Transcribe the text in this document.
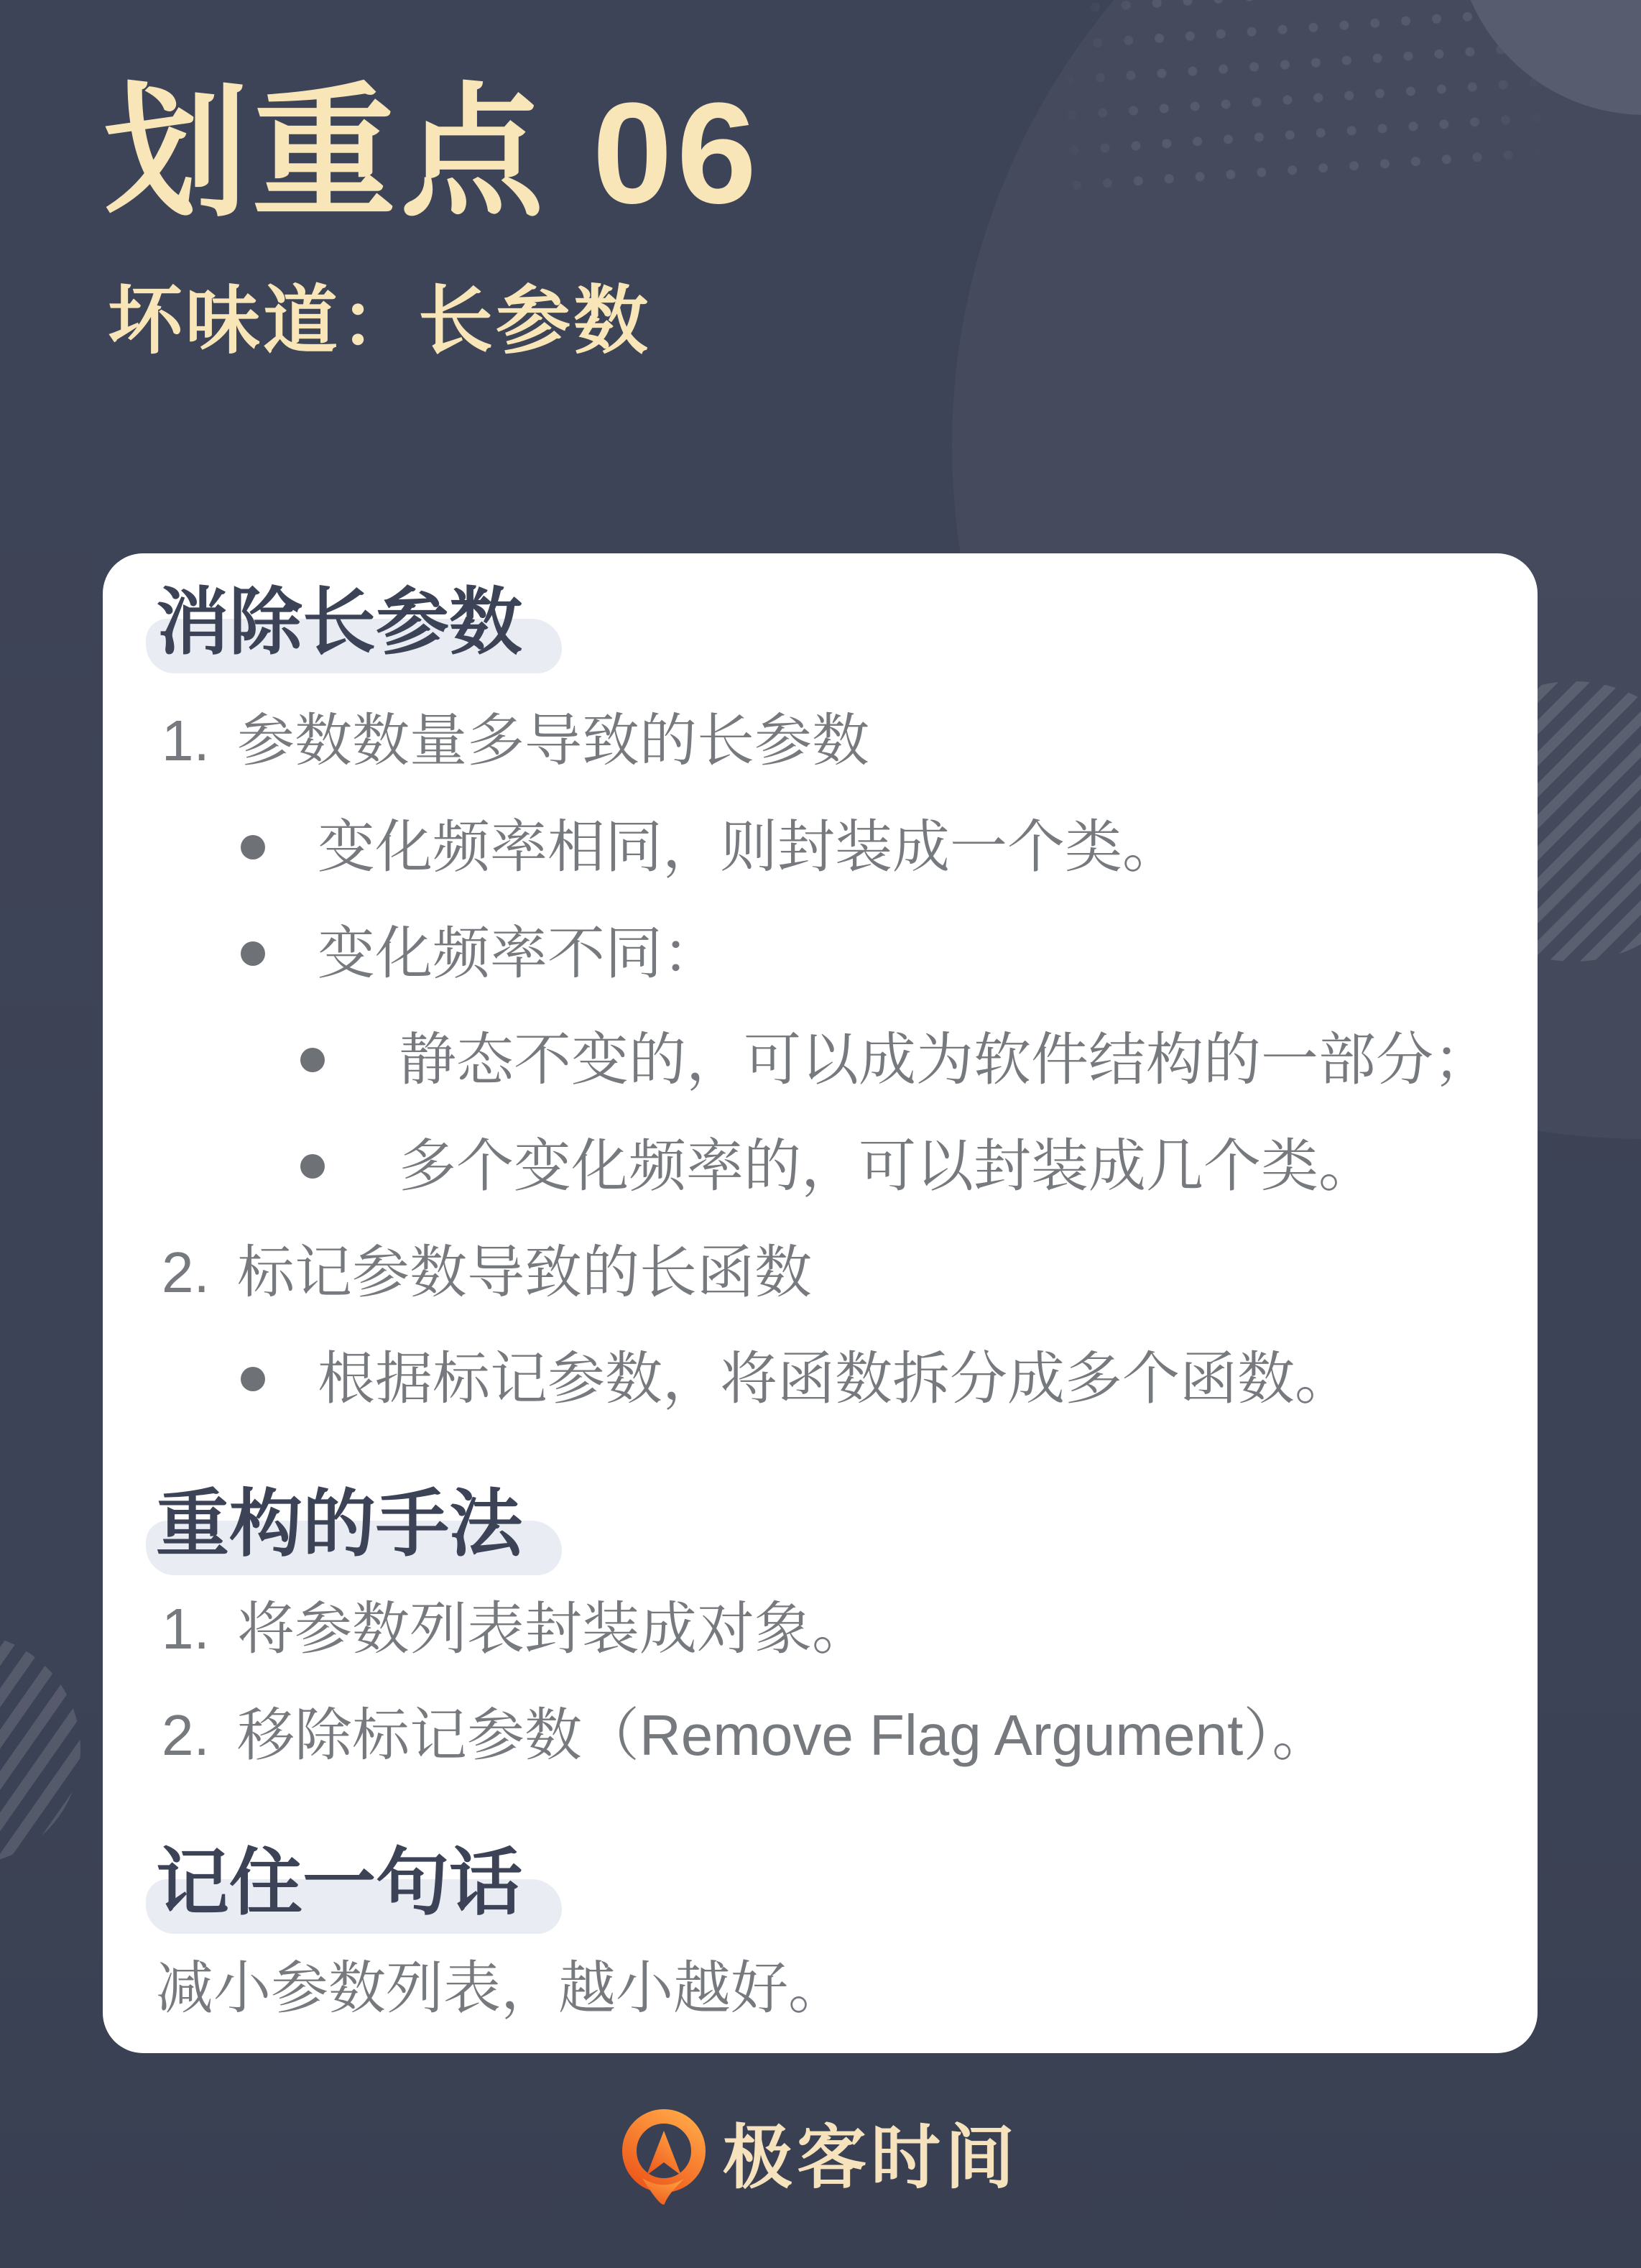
划重点 06
坏味道：长参数
消除长参数
1. 参数数量多导致的长参数
变化频率相同，则封装成一个类。
变化频率不同：
静态不变的，可以成为软件结构的一部分；
多个变化频率的，可以封装成几个类。
2. 标记参数导致的长函数
根据标记参数，将函数拆分成多个函数。
重构的手法
1. 将参数列表封装成对象。
2. 移除标记参数（Remove Flag Argument）。
记住一句话
减小参数列表，越小越好。
极客时间
